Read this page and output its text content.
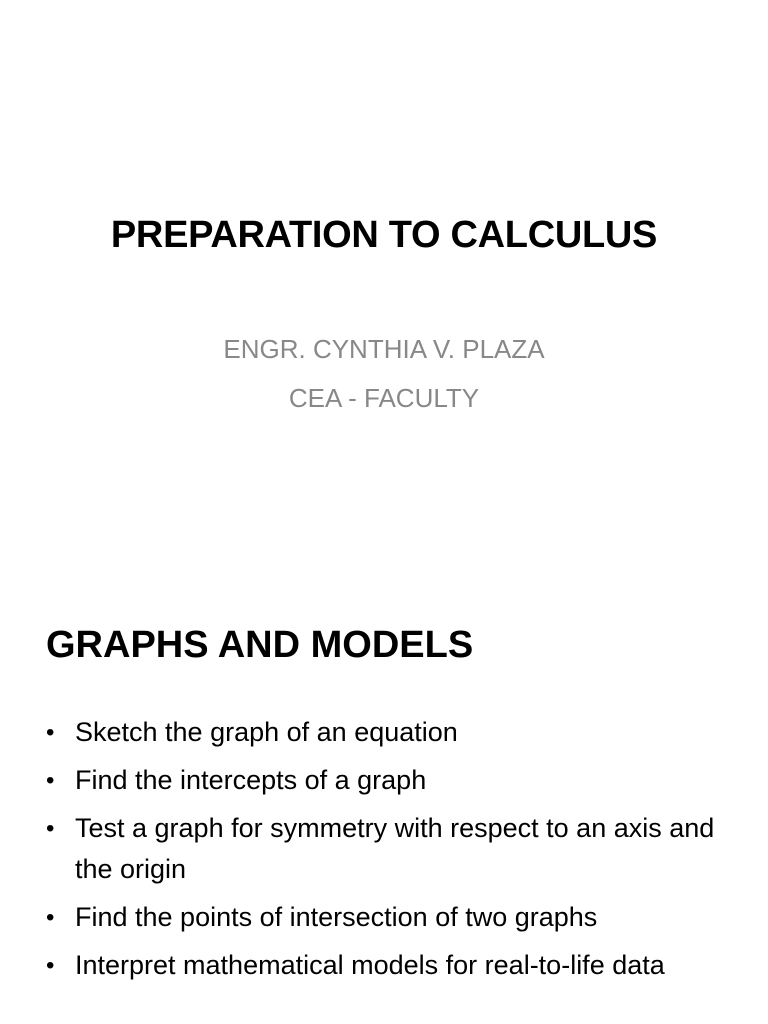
PREPARATION TO CALCULUS

ENGR. CYNTHIA V. PLAZA

CEA - FACULTY

GRAPHS AND MODELS
• Sketch the graph of an equation
• Find the intercepts of a graph
• Test a graph for symmetry with respect to an axis and the origin
• Find the points of intersection of two graphs
• Interpret mathematical models for real-to-life data
